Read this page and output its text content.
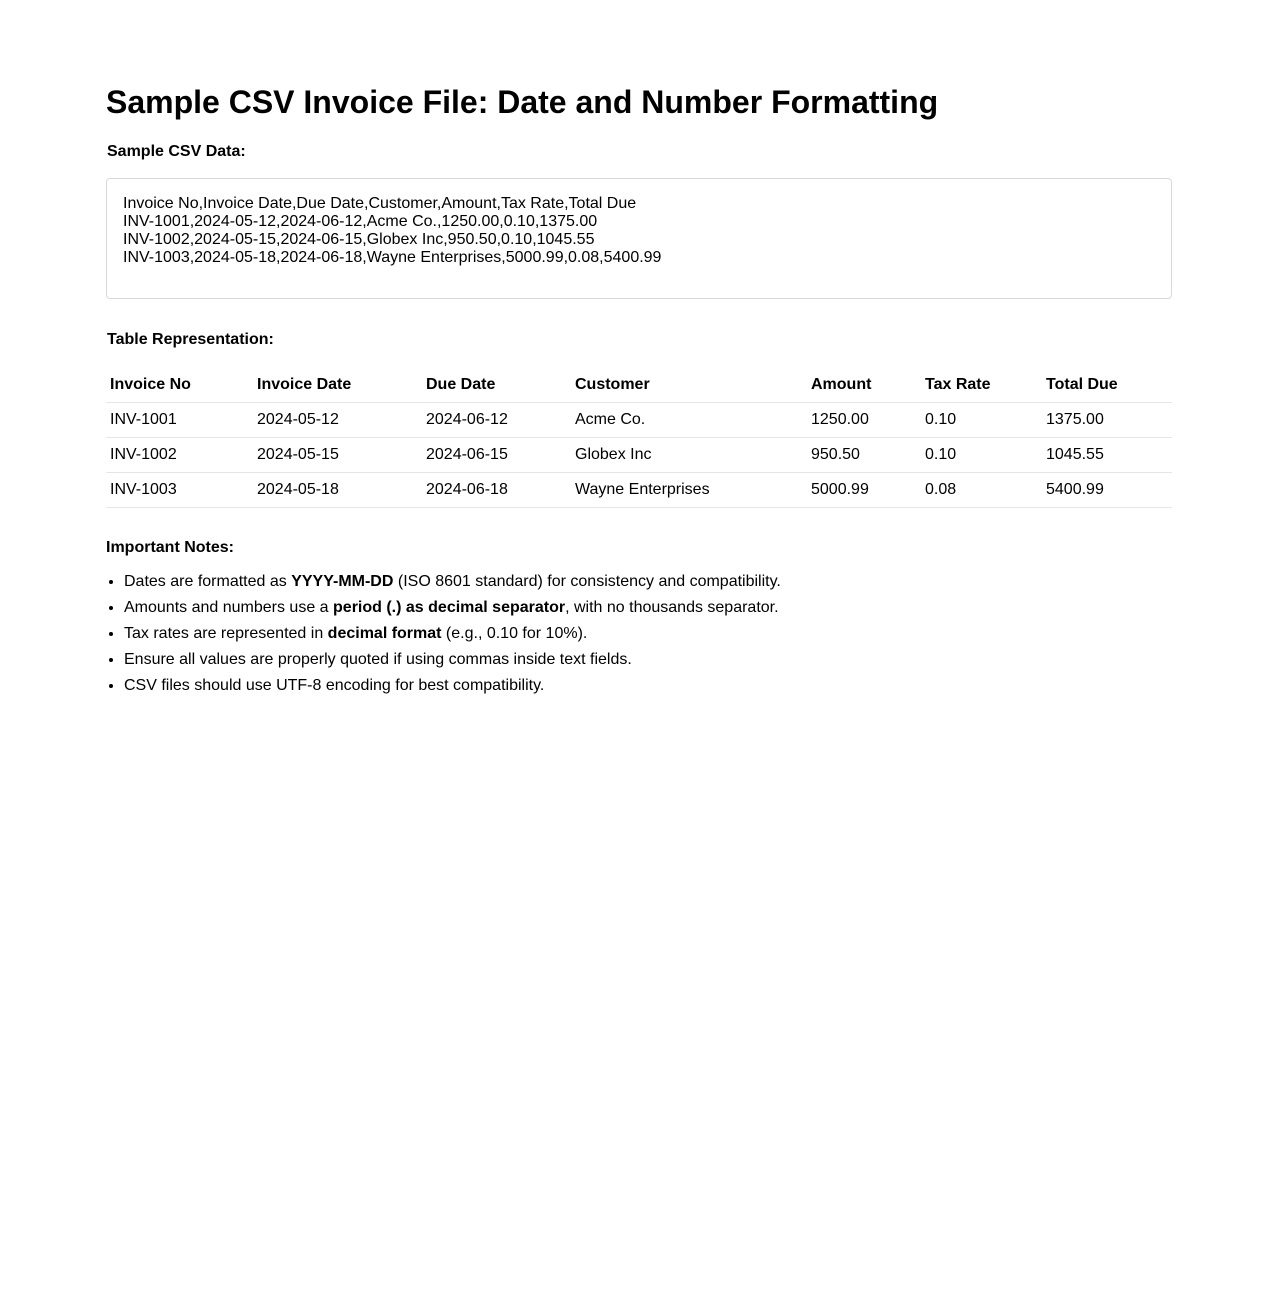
Sample CSV Invoice File: Date and Number Formatting
Sample CSV Data:
Invoice No,Invoice Date,Due Date,Customer,Amount,Tax Rate,Total Due
INV-1001,2024-05-12,2024-06-12,Acme Co.,1250.00,0.10,1375.00
INV-1002,2024-05-15,2024-06-15,Globex Inc,950.50,0.10,1045.55
INV-1003,2024-05-18,2024-06-18,Wayne Enterprises,5000.99,0.08,5400.99
Table Representation:
Invoice No	Invoice Date	Due Date	Customer	Amount	Tax Rate	Total Due
INV-1001	2024-05-12	2024-06-12	Acme Co.	1250.00	0.10	1375.00
INV-1002	2024-05-15	2024-06-15	Globex Inc	950.50	0.10	1045.55
INV-1003	2024-05-18	2024-06-18	Wayne Enterprises	5000.99	0.08	5400.99
Important Notes:
• Dates are formatted as YYYY-MM-DD (ISO 8601 standard) for consistency and compatibility.
• Amounts and numbers use a period (.) as decimal separator, with no thousands separator.
• Tax rates are represented in decimal format (e.g., 0.10 for 10%).
• Ensure all values are properly quoted if using commas inside text fields.
• CSV files should use UTF-8 encoding for best compatibility.
